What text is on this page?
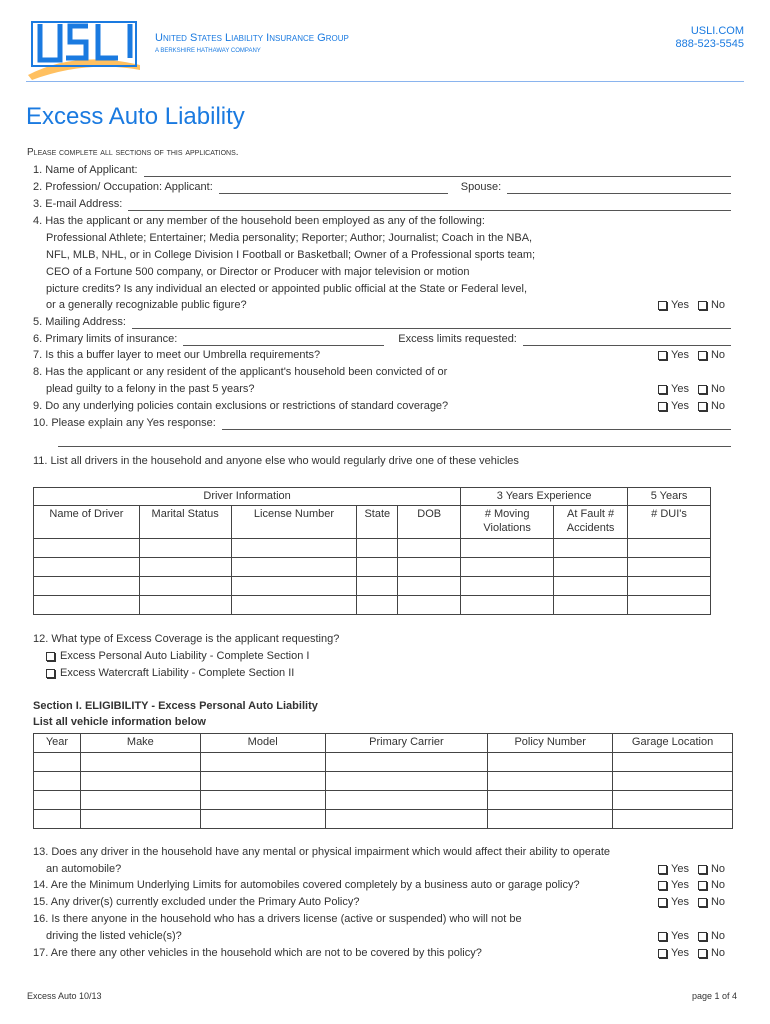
United States Liability Insurance Group
A BERKSHIRE HATHAWAY COMPANY
USLI.COM
888-523-5545
Excess Auto Liability
Please complete all sections of this applications.
1. Name of Applicant:
2. Profession/ Occupation: Applicant:	Spouse:
3. E-mail Address:
4. Has the applicant or any member of the household been employed as any of the following:
Professional Athlete; Entertainer; Media personality; Reporter; Author; Journalist; Coach in the NBA,
NFL, MLB, NHL, or in College Division I Football or Basketball; Owner of a Professional sports team;
CEO of a Fortune 500 company, or Director or Producer with major television or motion
picture credits? Is any individual an elected or appointed public official at the State or Federal level,
or a generally recognizable public figure?	Yes No
5. Mailing Address:
6. Primary limits of insurance:	Excess limits requested:
7. Is this a buffer layer to meet our Umbrella requirements?	Yes No
8. Has the applicant or any resident of the applicant's household been convicted of or
plead guilty to a felony in the past 5 years?	Yes No
9. Do any underlying policies contain exclusions or restrictions of standard coverage?	Yes No
10. Please explain any Yes response:
11. List all drivers in the household and anyone else who would regularly drive one of these vehicles
Driver Information					3 Years Experience		5 Years
Name of Driver	Marital Status	License Number	State	DOB	# Moving Violations	At Fault # Accidents	# DUI's

12. What type of Excess Coverage is the applicant requesting?
Excess Personal Auto Liability - Complete Section I
Excess Watercraft Liability - Complete Section II
Section I. ELIGIBILITY - Excess Personal Auto Liability
List all vehicle information below
Year	Make	Model	Primary Carrier	Policy Number	Garage Location

13. Does any driver in the household have any mental or physical impairment which would affect their ability to operate
an automobile?	Yes No
14. Are the Minimum Underlying Limits for automobiles covered completely by a business auto or garage policy?	Yes No
15. Any driver(s) currently excluded under the Primary Auto Policy?	Yes No
16. Is there anyone in the household who has a drivers license (active or suspended) who will not be
driving the listed vehicle(s)?	Yes No
17. Are there any other vehicles in the household which are not to be covered by this policy?	Yes No
Excess Auto 10/13	page 1 of 4
